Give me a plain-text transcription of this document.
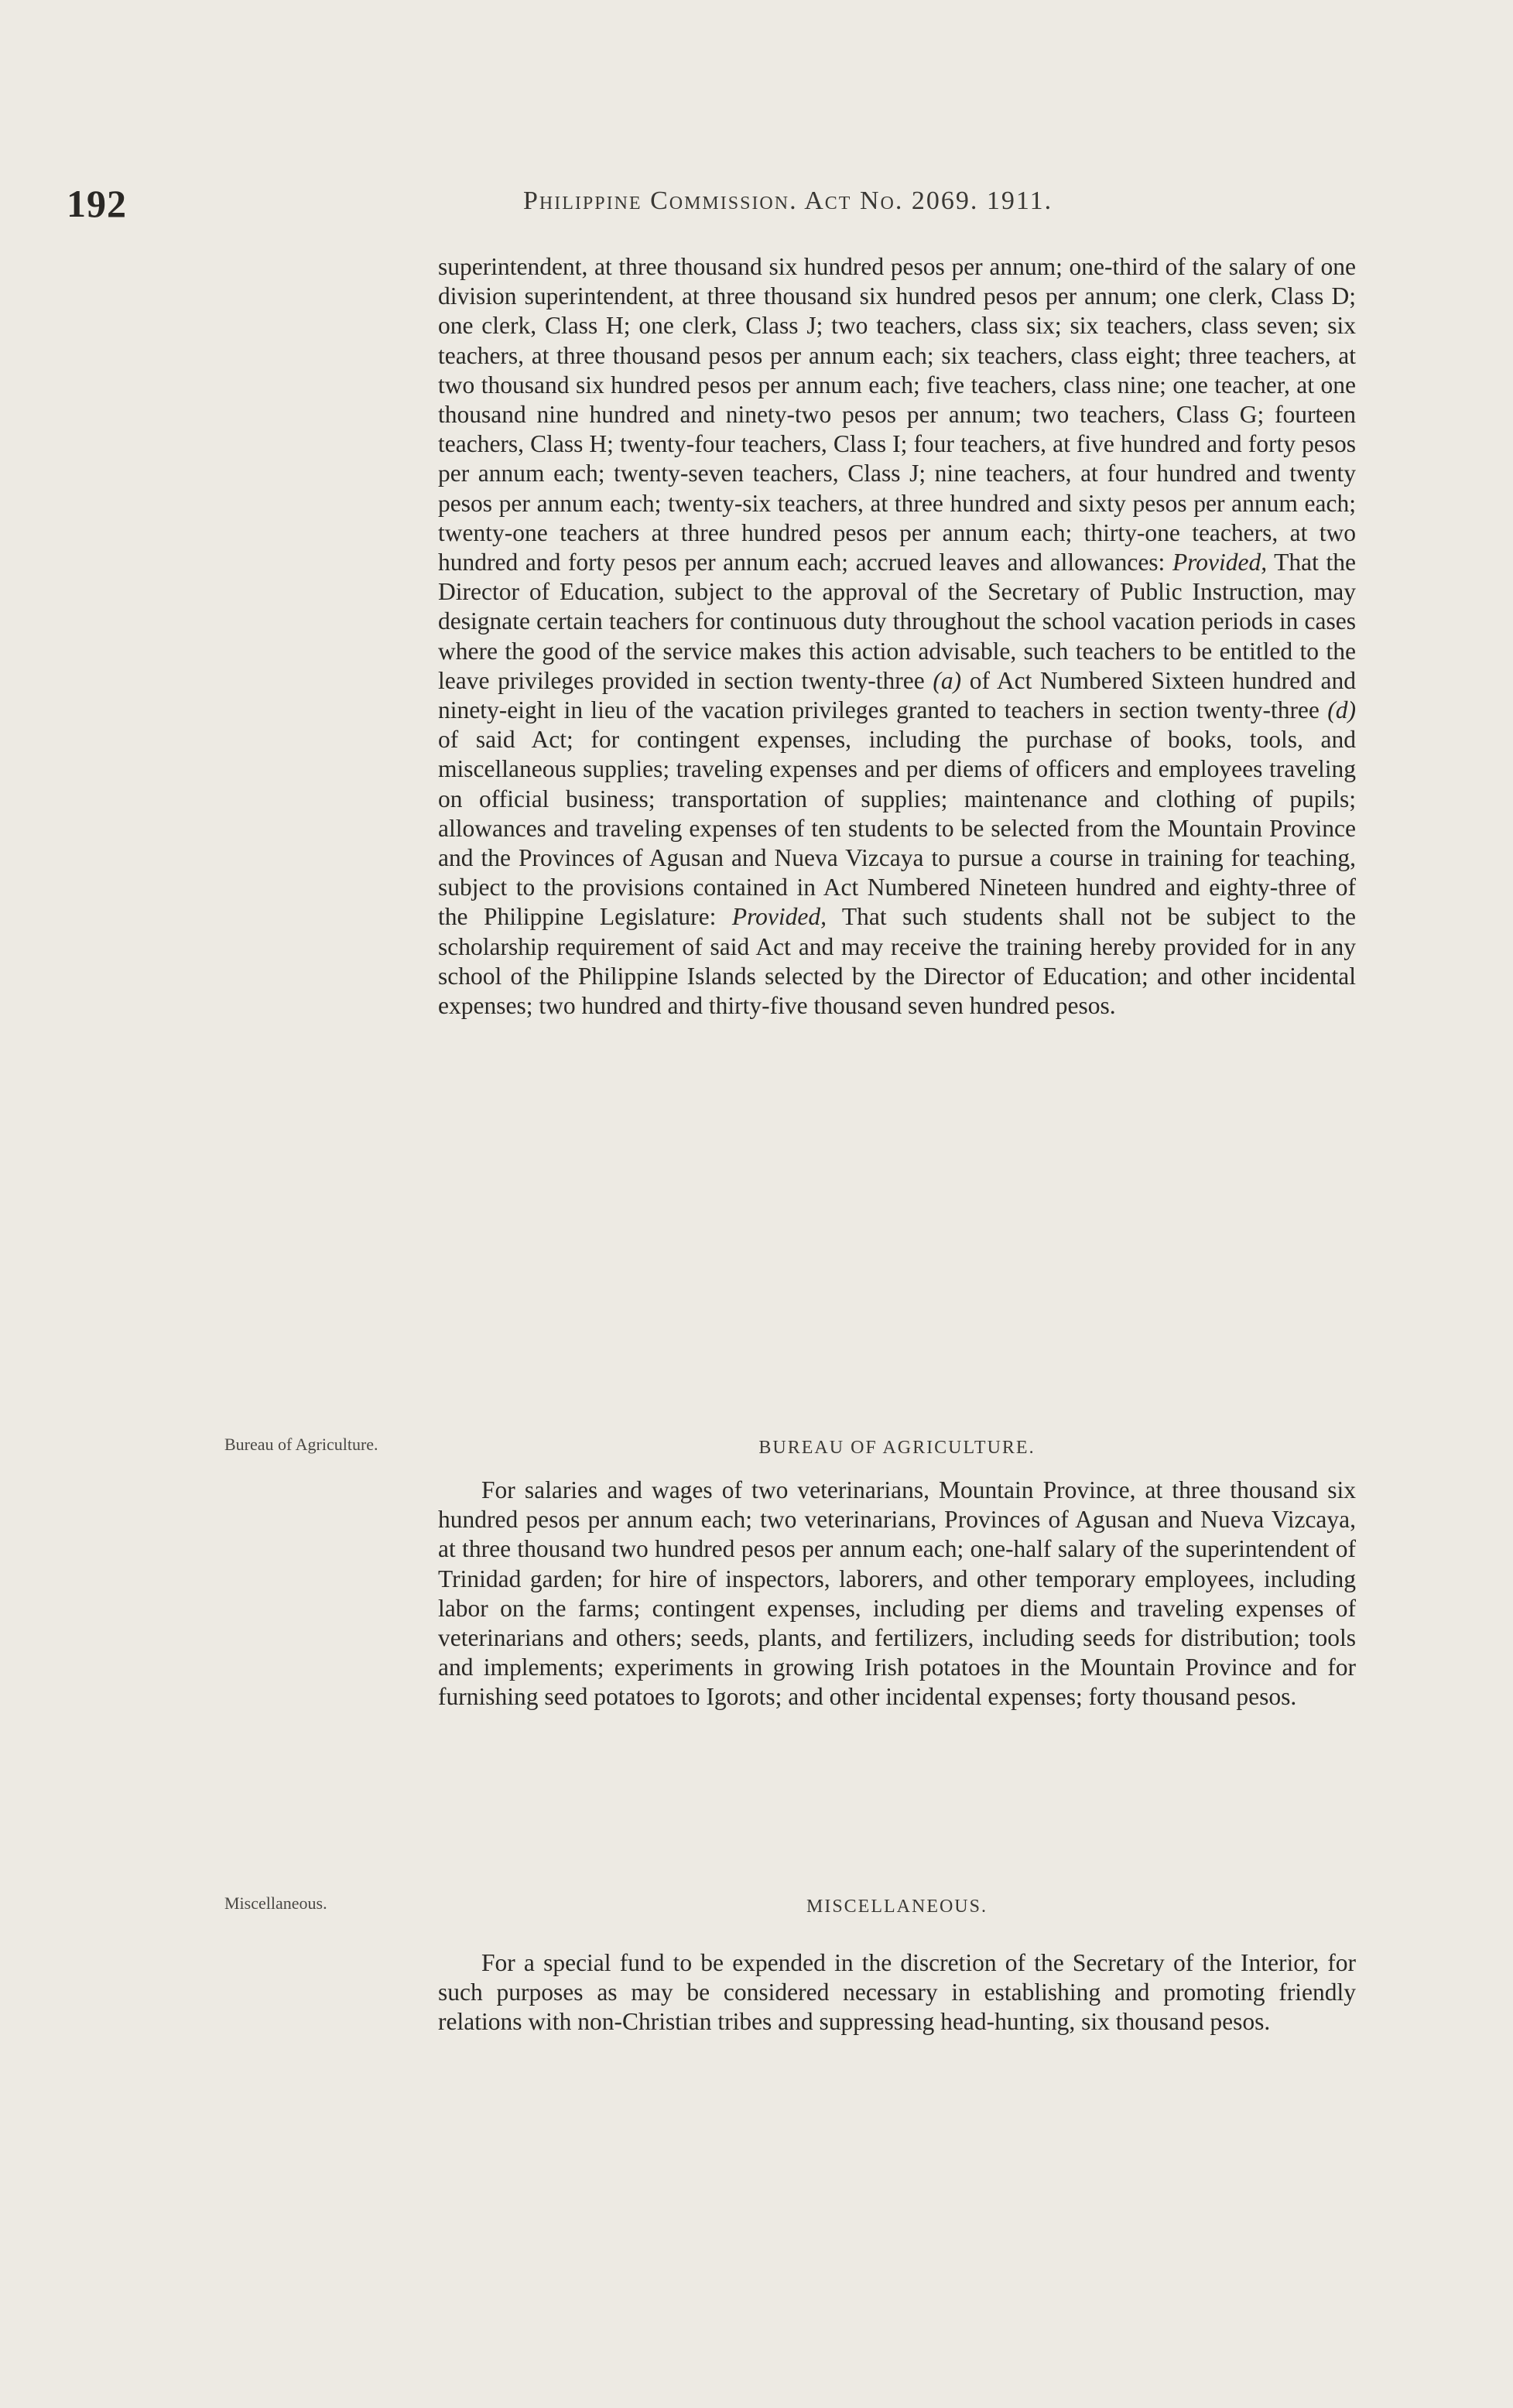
192	Philippine Commission. Act No. 2069. 1911.
superintendent, at three thousand six hundred pesos per annum; one-third of the salary of one division superintendent, at three thousand six hundred pesos per annum; one clerk, Class D; one clerk, Class H; one clerk, Class J; two teachers, class six; six teachers, class seven; six teachers, at three thousand pesos per annum each; six teachers, class eight; three teachers, at two thousand six hundred pesos per annum each; five teachers, class nine; one teacher, at one thousand nine hundred and ninety-two pesos per annum; two teachers, Class G; fourteen teachers, Class H; twenty-four teachers, Class I; four teachers, at five hundred and forty pesos per annum each; twenty-seven teachers, Class J; nine teachers, at four hundred and twenty pesos per annum each; twenty-six teachers, at three hundred and sixty pesos per annum each; twenty-one teachers at three hundred pesos per annum each; thirty-one teachers, at two hundred and forty pesos per annum each; accrued leaves and allowances: Provided, That the Director of Education, subject to the approval of the Secretary of Public Instruction, may designate certain teachers for continuous duty throughout the school vacation periods in cases where the good of the service makes this action advisable, such teachers to be entitled to the leave privileges provided in section twenty-three (a) of Act Numbered Sixteen hundred and ninety-eight in lieu of the vacation privileges granted to teachers in section twenty-three (d) of said Act; for contingent expenses, including the purchase of books, tools, and miscellaneous supplies; traveling expenses and per diems of officers and employees traveling on official business; transportation of supplies; maintenance and clothing of pupils; allowances and traveling expenses of ten students to be selected from the Mountain Province and the Provinces of Agusan and Nueva Vizcaya to pursue a course in training for teaching, subject to the provisions contained in Act Numbered Nineteen hundred and eighty-three of the Philippine Legislature: Provided, That such students shall not be subject to the scholarship requirement of said Act and may receive the training hereby provided for in any school of the Philippine Islands selected by the Director of Education; and other incidental expenses; two hundred and thirty-five thousand seven hundred pesos.
Bureau of Agriculture.	BUREAU OF AGRICULTURE.
For salaries and wages of two veterinarians, Mountain Province, at three thousand six hundred pesos per annum each; two veterinarians, Provinces of Agusan and Nueva Vizcaya, at three thousand two hundred pesos per annum each; one-half salary of the superintendent of Trinidad garden; for hire of inspectors, laborers, and other temporary employees, including labor on the farms; contingent expenses, including per diems and traveling expenses of veterinarians and others; seeds, plants, and fertilizers, including seeds for distribution; tools and implements; experiments in growing Irish potatoes in the Mountain Province and for furnishing seed potatoes to Igorots; and other incidental expenses; forty thousand pesos.
Miscellaneous.	MISCELLANEOUS.
For a special fund to be expended in the discretion of the Secretary of the Interior, for such purposes as may be considered necessary in establishing and promoting friendly relations with non-Christian tribes and suppressing head-hunting, six thousand pesos.
